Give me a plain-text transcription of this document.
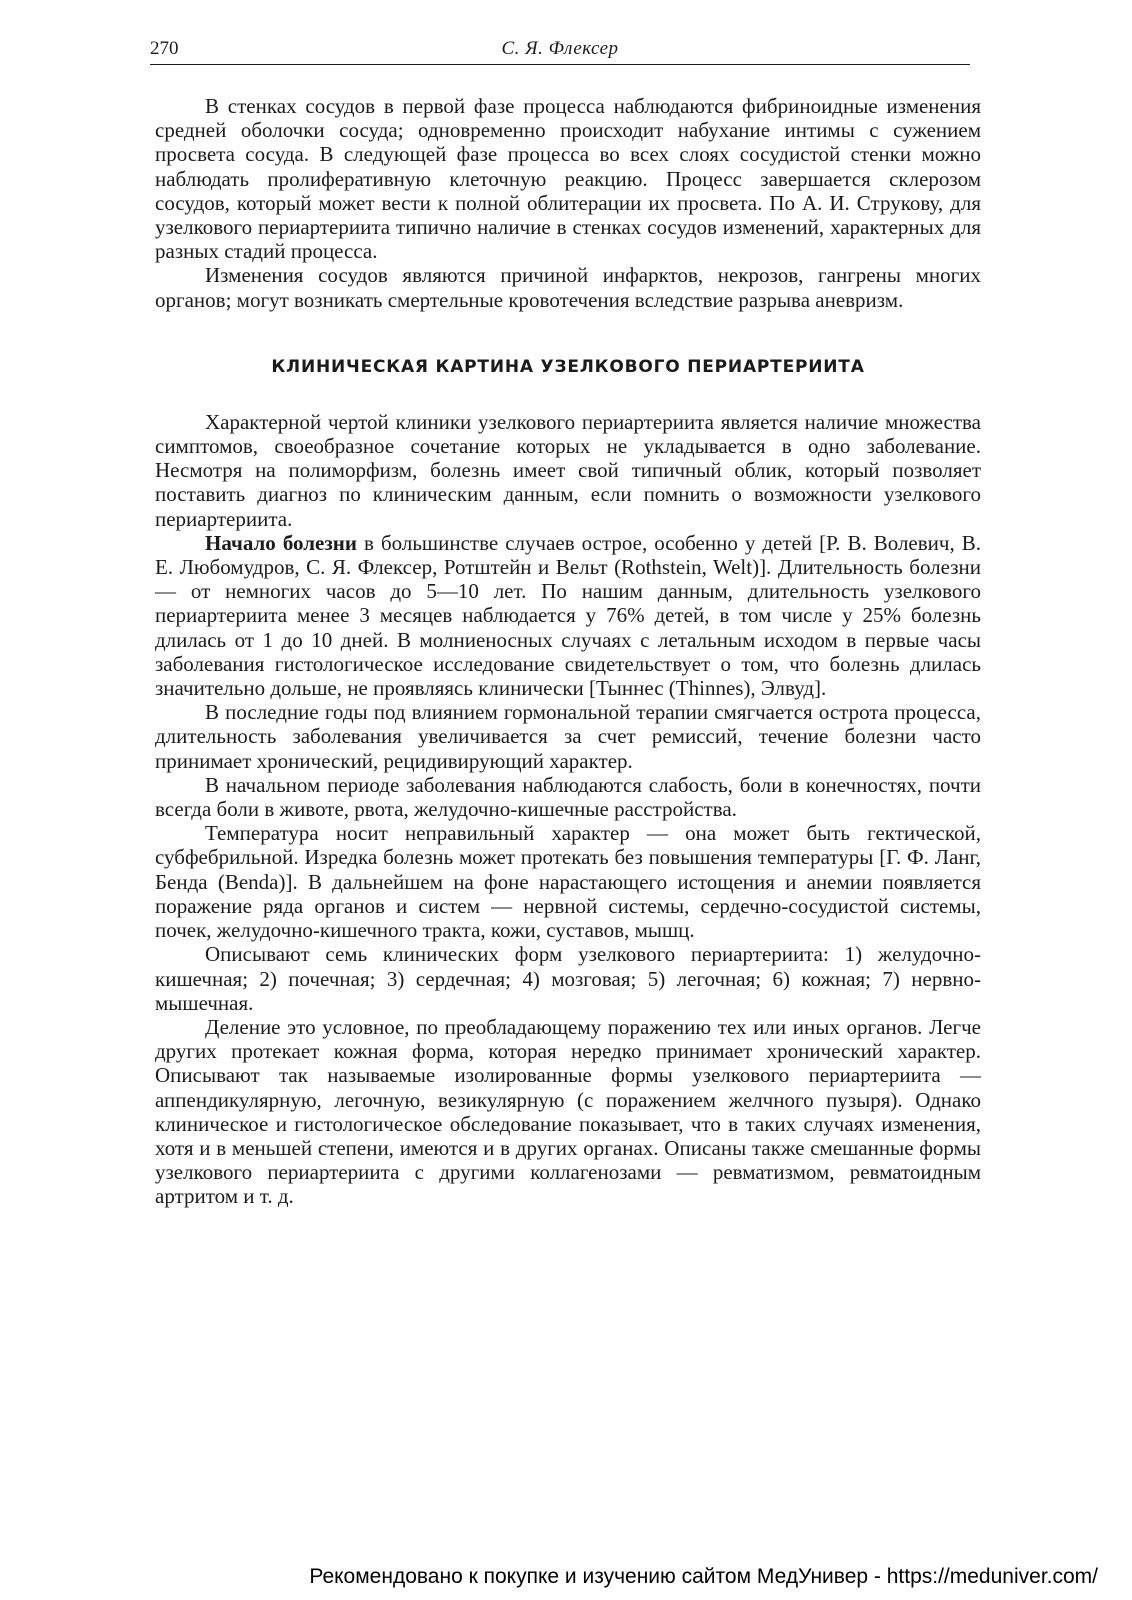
270	С. Я. Флексер

В стенках сосудов в первой фазе процесса наблюдаются фибриноидные изменения средней оболочки сосуда; одновременно происходит набухание интимы с сужением просвета сосуда. В следующей фазе процесса во всех слоях сосудистой стенки можно наблюдать пролиферативную клеточную реакцию. Процесс завершается склерозом сосудов, который может вести к полной облитерации их просвета. По А. И. Струкову, для узелкового периартериита типично наличие в стенках сосудов изменений, характерных для разных стадий процесса.

Изменения сосудов являются причиной инфарктов, некрозов, гангрены многих органов; могут возникать смертельные кровотечения вследствие разрыва аневризм.

КЛИНИЧЕСКАЯ КАРТИНА УЗЕЛКОВОГО ПЕРИАРТЕРИИТА

Характерной чертой клиники узелкового периартериита является наличие множества симптомов, своеобразное сочетание которых не укладывается в одно заболевание. Несмотря на полиморфизм, болезнь имеет свой типичный облик, который позволяет поставить диагноз по клиническим данным, если помнить о возможности узелкового периартериита.

Начало болезни в большинстве случаев острое, особенно у детей [Р. В. Волевич, В. Е. Любомудров, С. Я. Флексер, Ротштейн и Вельт (Rothstein, Welt)]. Длительность болезни — от немногих часов до 5—10 лет. По нашим данным, длительность узелкового периартериита менее 3 месяцев наблюдается у 76% детей, в том числе у 25% болезнь длилась от 1 до 10 дней. В молниеносных случаях с летальным исходом в первые часы заболевания гистологическое исследование свидетельствует о том, что болезнь длилась значительно дольше, не проявляясь клинически [Тыннес (Thinnes), Элвуд].

В последние годы под влиянием гормональной терапии смягчается острота процесса, длительность заболевания увеличивается за счет ремиссий, течение болезни часто принимает хронический, рецидивирующий характер.

В начальном периоде заболевания наблюдаются слабость, боли в конечностях, почти всегда боли в животе, рвота, желудочно-кишечные расстройства.

Температура носит неправильный характер — она может быть гектической, субфебрильной. Изредка болезнь может протекать без повышения температуры [Г. Ф. Ланг, Бенда (Benda)]. В дальнейшем на фоне нарастающего истощения и анемии появляется поражение ряда органов и систем — нервной системы, сердечно-сосудистой системы, почек, желудочно-кишечного тракта, кожи, суставов, мышц.

Описывают семь клинических форм узелкового периартериита: 1) желудочно-кишечная; 2) почечная; 3) сердечная; 4) мозговая; 5) легочная; 6) кожная; 7) нервно-мышечная.

Деление это условное, по преобладающему поражению тех или иных органов. Легче других протекает кожная форма, которая нередко принимает хронический характер. Описывают так называемые изолированные формы узелкового периартериита — аппендикулярную, легочную, везикулярную (с поражением желчного пузыря). Однако клиническое и гистологическое обследование показывает, что в таких случаях изменения, хотя и в меньшей степени, имеются и в других органах. Описаны также смешанные формы узелкового периартериита с другими коллагенозами — ревматизмом, ревматоидным артритом и т. д.

Рекомендовано к покупке и изучению сайтом МедУнивер - https://meduniver.com/
